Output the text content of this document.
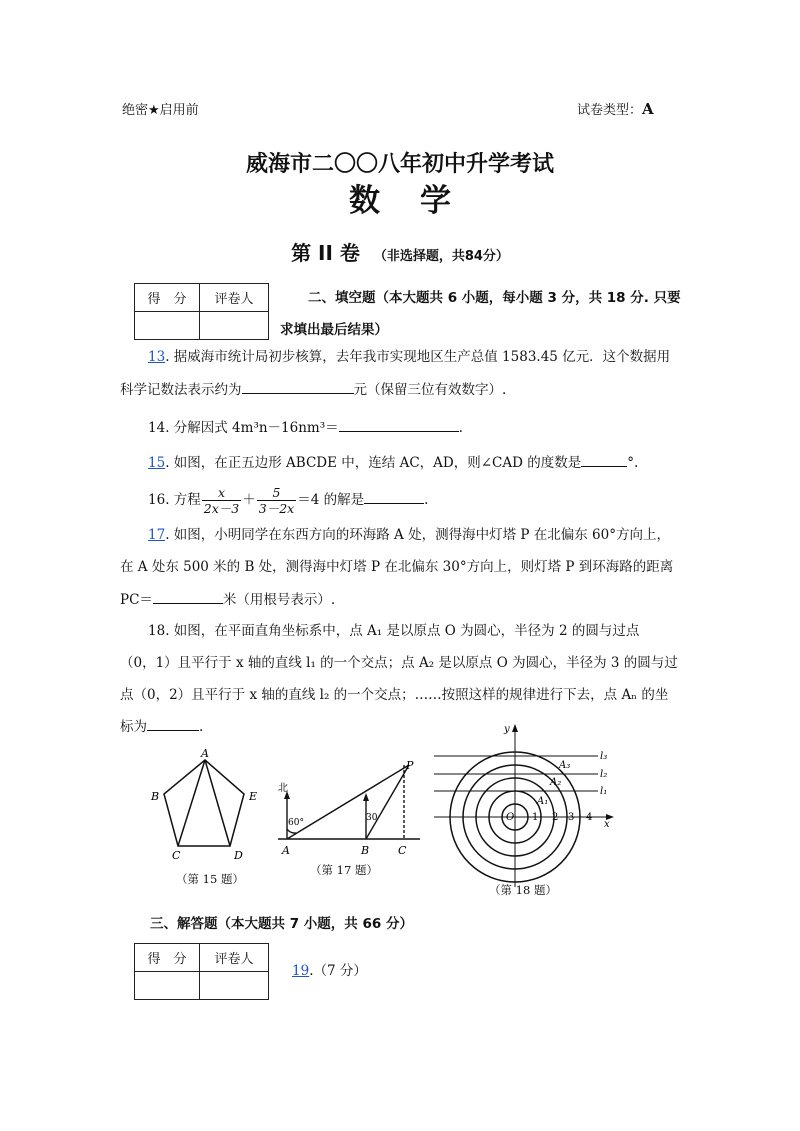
绝密★启用前	试卷类型：A
威海市二〇〇八年初中升学考试
数学
第 II 卷 （非选择题，共84分）
得　分	评卷人
		二、填空题（本大题共 6 小题，每小题 3 分，共 18 分. 只要
求填出最后结果）
13. 据威海市统计局初步核算，去年我市实现地区生产总值 1583.45 亿元．这个数据用
科学记数法表示约为	元（保留三位有效数字）.
14. 分解因式 4m³n－16nm³＝	.
15. 如图，在正五边形 ABCDE 中，连结 AC，AD，则∠CAD 的度数是	°.
16. 方程 $\frac{x}{2x-3} + \frac{5}{3-2x} =4$ 的解是	.
17. 如图，小明同学在东西方向的环海路 A 处，测得海中灯塔 P 在北偏东 60°方向上，
在 A 处东 500 米的 B 处，测得海中灯塔 P 在北偏东 30°方向上，则灯塔 P 到环海路的距离
PC＝	米（用根号表示）.
18. 如图，在平面直角坐标系中，点 A₁ 是以原点 O 为圆心，半径为 2 的圆与过点
（0，1）且平行于 x 轴的直线 l₁ 的一个交点；点 A₂ 是以原点 O 为圆心，半径为 3 的圆与过
点（0，2）且平行于 x 轴的直线 l₂ 的一个交点；……按照这样的规律进行下去，点 Aₙ 的坐
标为	.
A
B
C	D
E
（第 15 题）
北
60°	30
A	B	C
P
（第 17 题）
y
x
O
l₁
l₂
l₃
A₁
A₂
A₃
1 2 3 4
（第 18 题）
三、解答题（本大题共 7 小题，共 66 分）
得　分	评卷人

19.（7 分）
